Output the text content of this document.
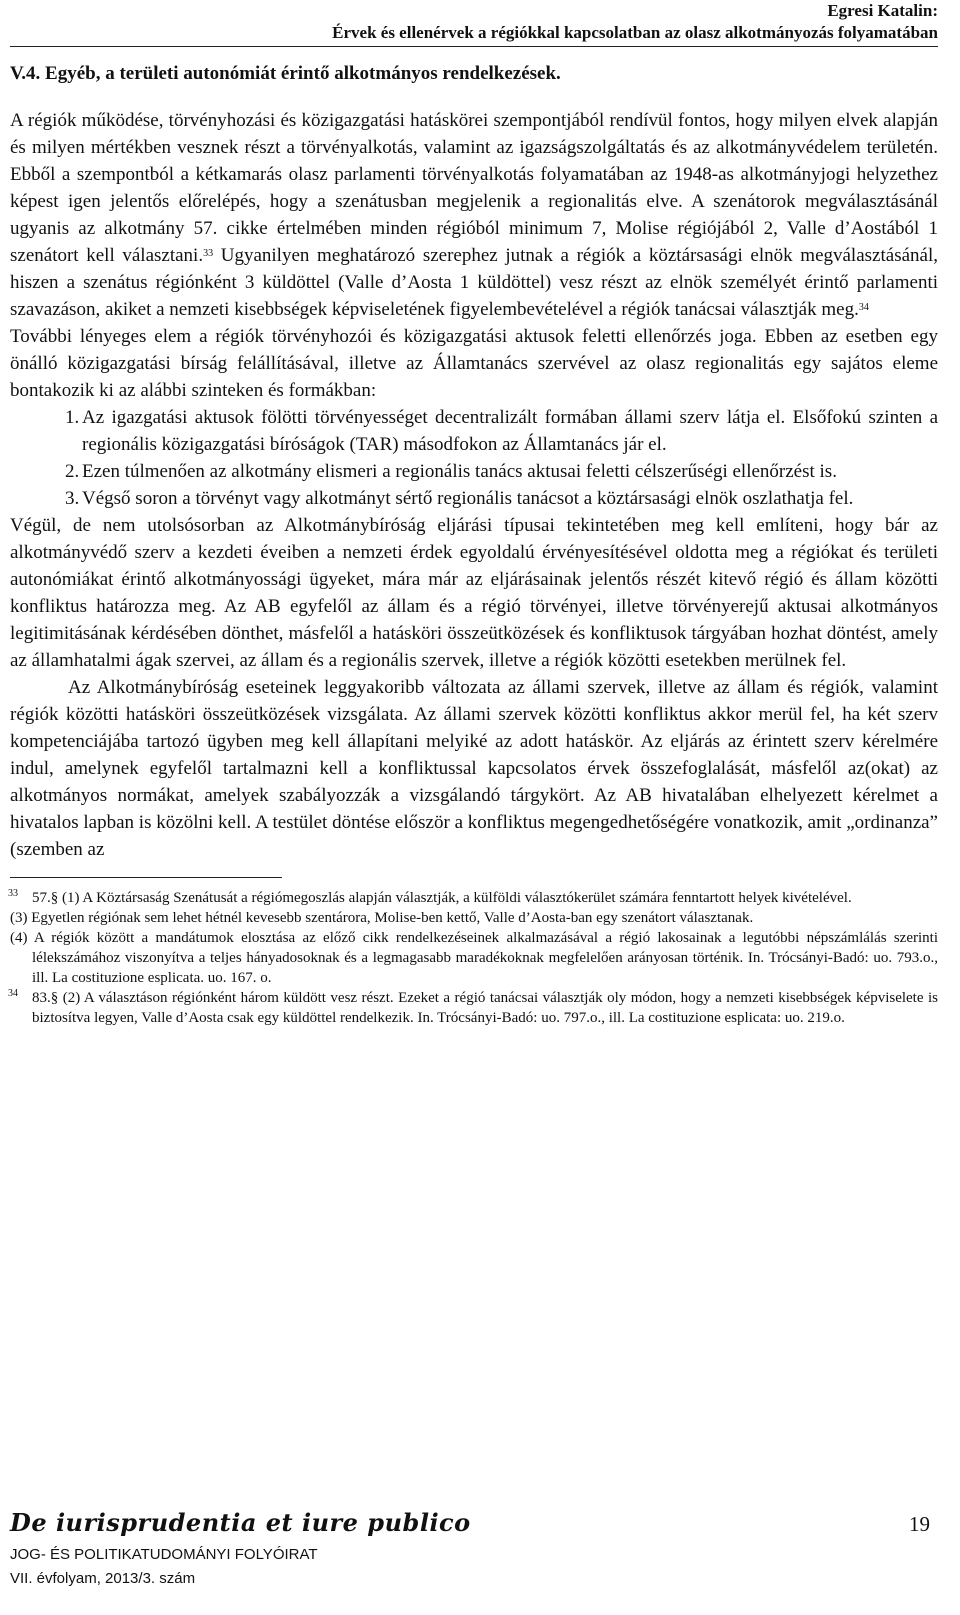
Egresi Katalin:
Érvek és ellenérvek a régiókkal kapcsolatban az olasz alkotmányozás folyamatában
V.4. Egyéb, a területi autonómiát érintő alkotmányos rendelkezések.

A régiók működése, törvényhozási és közigazgatási hatáskörei szempontjából rendívül fontos, hogy milyen elvek alapján és milyen mértékben vesznek részt a törvényalkotás, valamint az igazságszolgáltatás és az alkotmányvédelem területén. Ebből a szempontból a kétkamarás olasz parlamenti törvényalkotás folyamatában az 1948-as alkotmányjogi helyzethez képest igen jelentős előrelépés, hogy a szenátusban megjelenik a regionalitás elve. A szenátorok megválasztásánál ugyanis az alkotmány 57. cikke értelmében minden régióból minimum 7, Molise régiójából 2, Valle d’Aostából 1 szenátort kell választani.$^{33}$ Ugyanilyen meghatározó szerephez jutnak a régiók a köztársasági elnök megválasztásánál, hiszen a szenátus régiónként 3 küldöttel (Valle d’Aosta 1 küldöttel) vesz részt az elnök személyét érintő parlamenti szavazáson, akiket a nemzeti kisebbségek képviseletének figyelembevételével a régiók tanácsai választják meg.$^{34}$

További lényeges elem a régiók törvényhozói és közigazgatási aktusok feletti ellenőrzés joga. Ebben az esetben egy önálló közigazgatási bírság felállításával, illetve az Államtanács szervével az olasz regionalitás egy sajátos eleme bontakozik ki az alábbi szinteken és formákban:

1. Az igazgatási aktusok fölötti törvényességet decentralizált formában állami szerv látja el. Elsőfokú szinten a regionális közigazgatási bíróságok (TAR) másodfokon az Államtanács jár el.
2. Ezen túlmenően az alkotmány elismeri a regionális tanács aktusai feletti célszerűségi ellenőrzést is.
3. Végső soron a törvényt vagy alkotmányt sértő regionális tanácsot a köztársasági elnök oszlathatja fel.

Végül, de nem utolsósorban az Alkotmánybíróság eljárási típusai tekintetében meg kell említeni, hogy bár az alkotmányvédő szerv a kezdeti éveiben a nemzeti érdek egyoldalú érvényesítésével oldotta meg a régiókat és területi autonómiákat érintő alkotmányossági ügyeket, mára már az eljárásainak jelentős részét kitevő régió és állam közötti konfliktus határozza meg. Az AB egyfelől az állam és a régió törvényei, illetve törvényerejű aktusai alkotmányos legitimitásának kérdésében dönthet, másfelől a hatásköri összeütközések és konfliktusok tárgyában hozhat döntést, amely az államhatalmi ágak szervei, az állam és a regionális szervek, illetve a régiók közötti esetekben merülnek fel.

Az Alkotmánybíróság eseteinek leggyakoribb változata az állami szervek, illetve az állam és régiók, valamint régiók közötti hatásköri összeütközések vizsgálata. Az állami szervek közötti konfliktus akkor merül fel, ha két szerv kompetenciájába tartozó ügyben meg kell állapítani melyiké az adott hatáskör. Az eljárás az érintett szerv kérelmére indul, amelynek egyfelől tartalmazni kell a konfliktussal kapcsolatos érvek összefoglalását, másfelől az(okat) az alkotmányos normákat, amelyek szabályozzák a vizsgálandó tárgykört. Az AB hivatalában elhelyezett kérelmet a hivatalos lapban is közölni kell. A testület döntése először a konfliktus megengedhetőségére vonatkozik, amit „ordinanza” (szemben az

33 57.§ (1) A Köztársaság Szenátusát a régiómegoszlás alapján választják, a külföldi választókerület számára fenntartott helyek kivételével.
(3) Egyetlen régiónak sem lehet hétnél kevesebb szentárora, Molise-ben kettő, Valle d’Aosta-ban egy szenátort választanak.
(4) A régiók között a mandátumok elosztása az előző cikk rendelkezéseinek alkalmazásával a régió lakosainak a legutóbbi népszámlálás szerinti lélekszámához viszonyítva a teljes hányadosoknak és a legmagasabb maradékoknak megfelelően arányosan történik. In. Trócsányi-Badó: uo. 793.o., ill. La costituzione esplicata. uo. 167. o.
34 83.§ (2) A választáson régiónként három küldött vesz részt. Ezeket a régió tanácsai választják oly módon, hogy a nemzeti kisebbségek képviselete is biztosítva legyen, Valle d’Aosta csak egy küldöttel rendelkezik. In. Trócsányi-Badó: uo. 797.o., ill. La costituzione esplicata: uo. 219.o.
De iurisprudentia et iure publico	19
JOG- ÉS POLITIKATUDOMÁNYI FOLYÓIRAT
VII. évfolyam, 2013/3. szám
